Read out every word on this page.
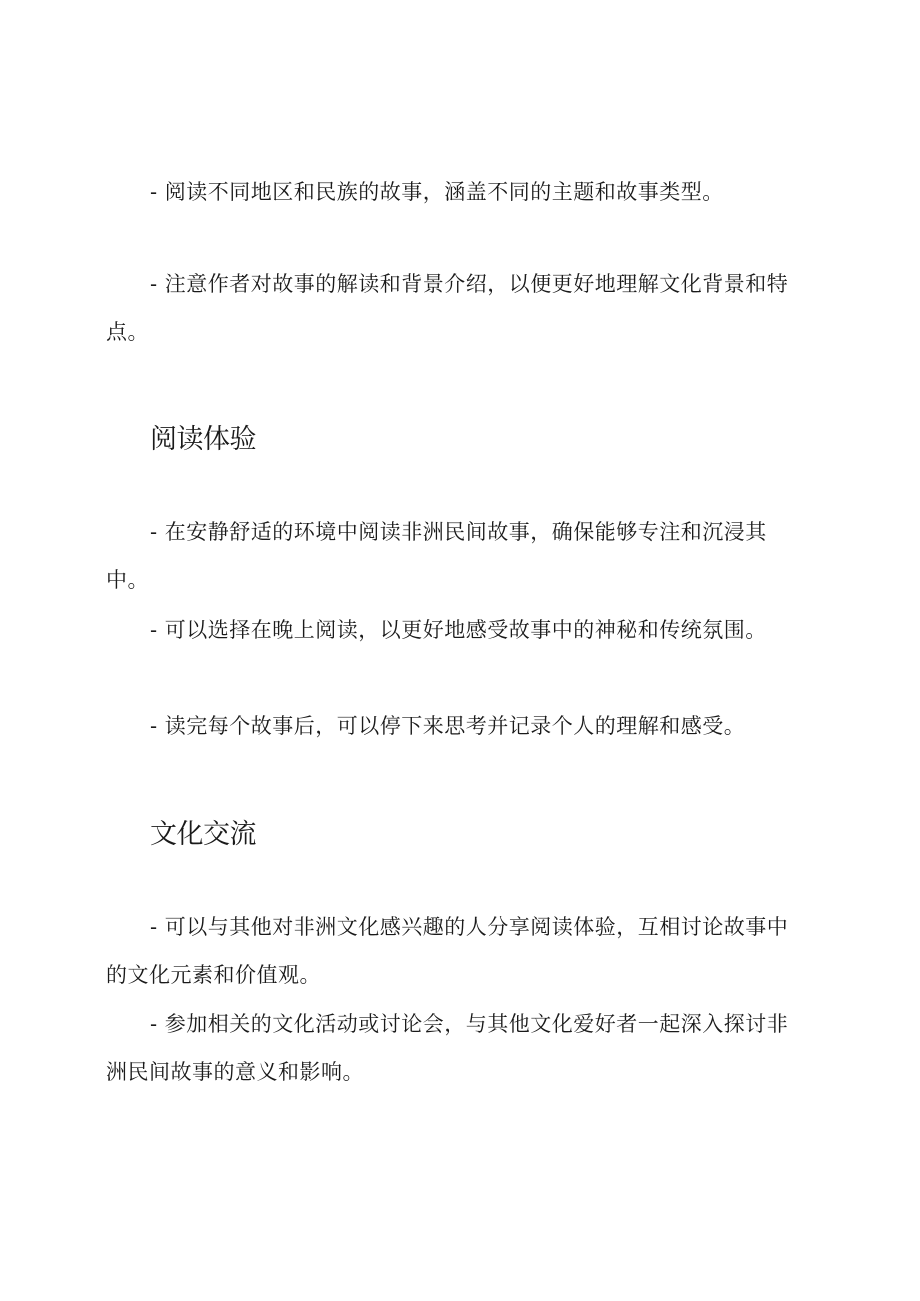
- 阅读不同地区和民族的故事，涵盖不同的主题和故事类型。

- 注意作者对故事的解读和背景介绍，以便更好地理解文化背景和特点。

阅读体验

- 在安静舒适的环境中阅读非洲民间故事，确保能够专注和沉浸其中。

- 可以选择在晚上阅读，以更好地感受故事中的神秘和传统氛围。

- 读完每个故事后，可以停下来思考并记录个人的理解和感受。

文化交流

- 可以与其他对非洲文化感兴趣的人分享阅读体验，互相讨论故事中的文化元素和价值观。

- 参加相关的文化活动或讨论会，与其他文化爱好者一起深入探讨非洲民间故事的意义和影响。
